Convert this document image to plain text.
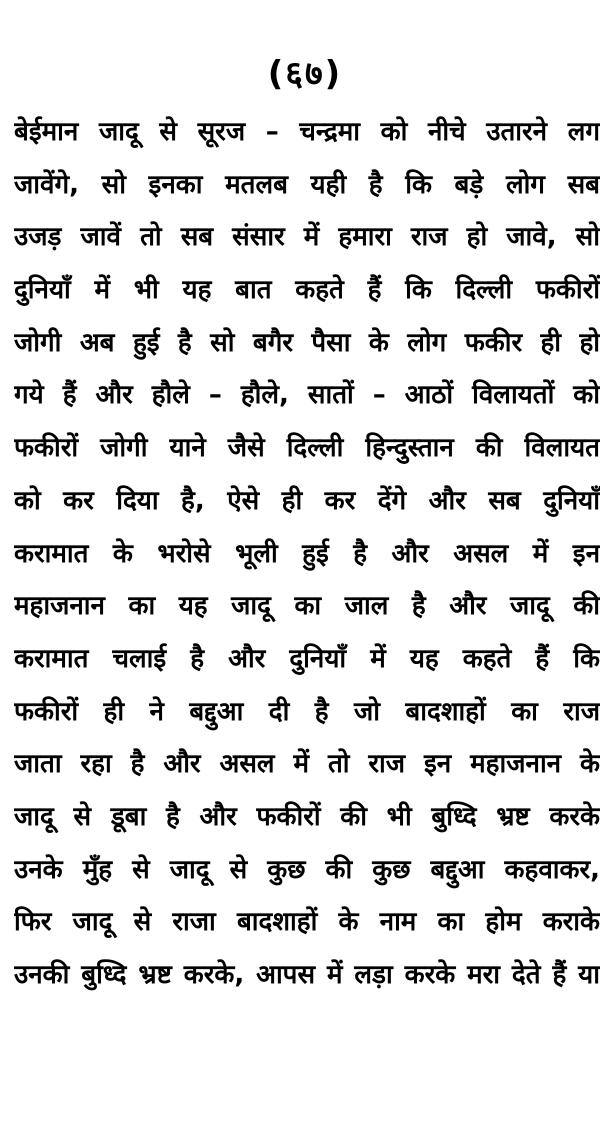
(६७)
बेईमान जादू से सूरज – चन्द्रमा को नीचे उतारने लग
जावेंगे, सो इनका मतलब यही है कि बड़े लोग सब
उजड़ जावें तो सब संसार में हमारा राज हो जावे, सो
दुनियाँ में भी यह बात कहते हैं कि दिल्ली फकीरों
जोगी अब हुई है सो बगैर पैसा के लोग फकीर ही हो
गये हैं और हौले – हौले, सातों – आठों विलायतों को
फकीरों जोगी याने जैसे दिल्ली हिन्दुस्तान की विलायत
को कर दिया है, ऐसे ही कर देंगे और सब दुनियाँ
करामात के भरोसे भूली हुई है और असल में इन
महाजनान का यह जादू का जाल है और जादू की
करामात चलाई है और दुनियाँ में यह कहते हैं कि
फकीरों ही ने बद्दुआ दी है जो बादशाहों का राज
जाता रहा है और असल में तो राज इन महाजनान के
जादू से डूबा है और फकीरों की भी बुध्दि भ्रष्ट करके
उनके मुँह से जादू से कुछ की कुछ बद्दुआ कहवाकर,
फिर जादू से राजा बादशाहों के नाम का होम कराके
उनकी बुध्दि भ्रष्ट करके, आपस में लड़ा करके मरा देते हैं या
